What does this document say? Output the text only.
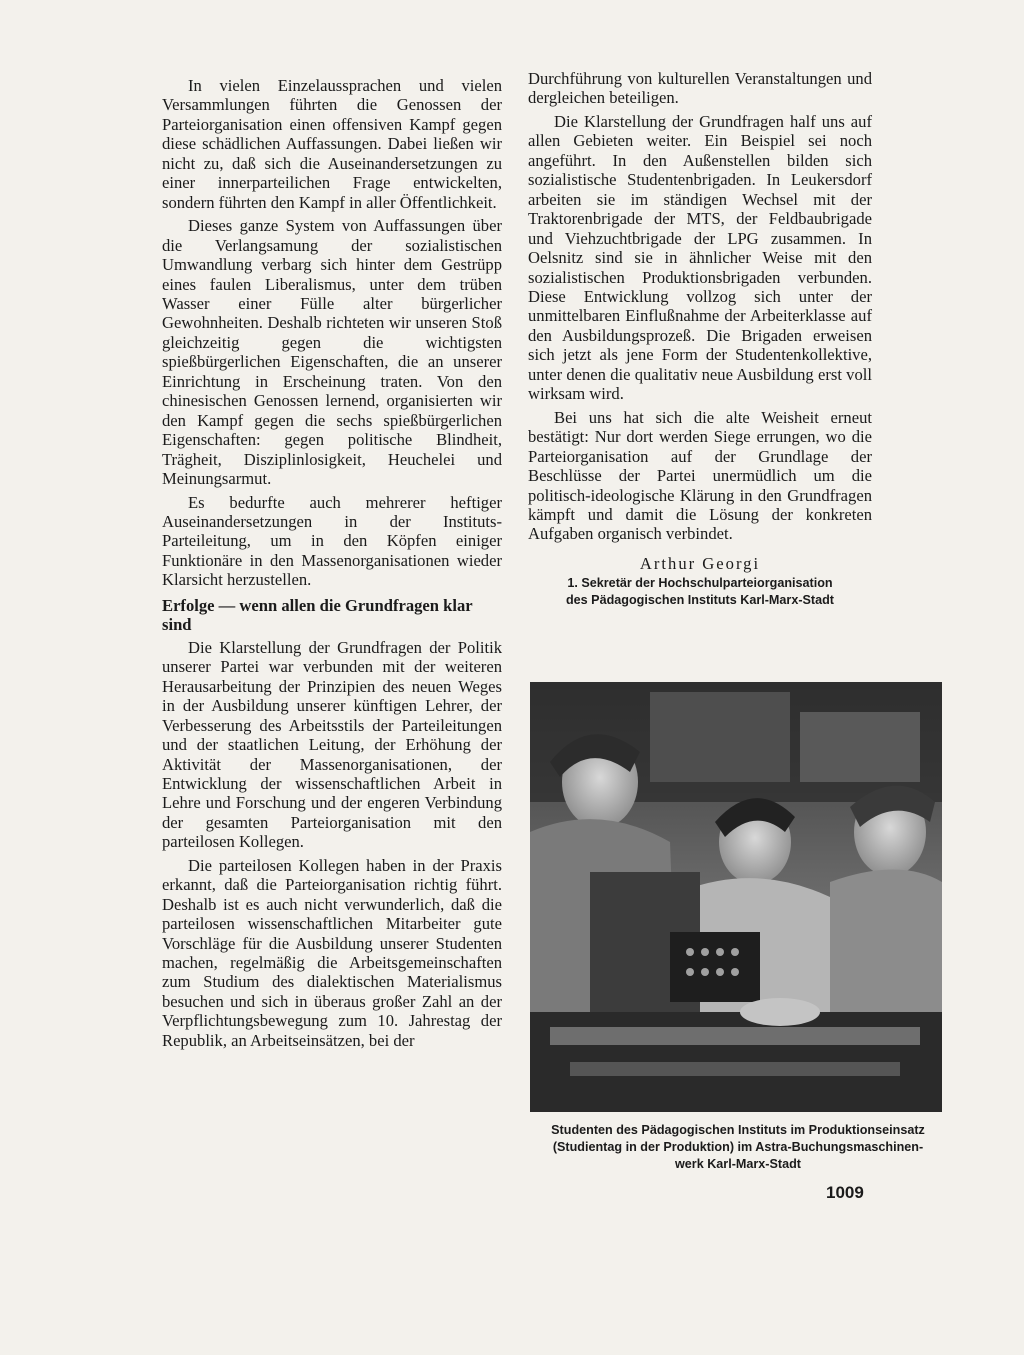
In vielen Einzelaussprachen und vielen Versammlungen führten die Genossen der Parteiorganisation einen offensiven Kampf gegen diese schädlichen Auffassungen. Dabei ließen wir nicht zu, daß sich die Auseinandersetzungen zu einer innerparteilichen Frage entwickelten, sondern führten den Kampf in aller Öffentlichkeit.

Dieses ganze System von Auffassungen über die Verlangsamung der sozialistischen Umwandlung verbarg sich hinter dem Gestrüpp eines faulen Liberalismus, unter dem trüben Wasser einer Fülle alter bürgerlicher Gewohnheiten. Deshalb richteten wir unseren Stoß gleichzeitig gegen die wichtigsten spießbürgerlichen Eigenschaften, die an unserer Einrichtung in Erscheinung traten. Von den chinesischen Genossen lernend, organisierten wir den Kampf gegen die sechs spießbürgerlichen Eigenschaften: gegen politische Blindheit, Trägheit, Disziplinlosigkeit, Heuchelei und Meinungsarmut.

Es bedurfte auch mehrerer heftiger Auseinandersetzungen in der Instituts-Parteileitung, um in den Köpfen einiger Funktionäre in den Massenorganisationen wieder Klarsicht herzustellen.

Erfolge — wenn allen die Grundfragen klar sind

Die Klarstellung der Grundfragen der Politik unserer Partei war verbunden mit der weiteren Herausarbeitung der Prinzipien des neuen Weges in der Ausbildung unserer künftigen Lehrer, der Verbesserung des Arbeitsstils der Parteileitungen und der staatlichen Leitung, der Erhöhung der Aktivität der Massenorganisationen, der Entwicklung der wissenschaftlichen Arbeit in Lehre und Forschung und der engeren Verbindung der gesamten Parteiorganisation mit den parteilosen Kollegen.

Die parteilosen Kollegen haben in der Praxis erkannt, daß die Parteiorganisation richtig führt. Deshalb ist es auch nicht verwunderlich, daß die parteilosen wissenschaftlichen Mitarbeiter gute Vorschläge für die Ausbildung unserer Studenten machen, regelmäßig die Arbeitsgemeinschaften zum Studium des dialektischen Materialismus besuchen und sich in überaus großer Zahl an der Verpflichtungsbewegung zum 10. Jahrestag der Republik, an Arbeitseinsätzen, bei der

Durchführung von kulturellen Veranstaltungen und dergleichen beteiligen.

Die Klarstellung der Grundfragen half uns auf allen Gebieten weiter. Ein Beispiel sei noch angeführt. In den Außenstellen bilden sich sozialistische Studentenbrigaden. In Leukersdorf arbeiten sie im ständigen Wechsel mit der Traktorenbrigade der MTS, der Feldbaubrigade und Viehzuchtbrigade der LPG zusammen. In Oelsnitz sind sie in ähnlicher Weise mit den sozialistischen Produktionsbrigaden verbunden. Diese Entwicklung vollzog sich unter der unmittelbaren Einflußnahme der Arbeiterklasse auf den Ausbildungsprozeß. Die Brigaden erweisen sich jetzt als jene Form der Studentenkollektive, unter denen die qualitativ neue Ausbildung erst voll wirksam wird.

Bei uns hat sich die alte Weisheit erneut bestätigt: Nur dort werden Siege errungen, wo die Parteiorganisation auf der Grundlage der Beschlüsse der Partei unermüdlich um die politisch-ideologische Klärung in den Grundfragen kämpft und damit die Lösung der konkreten Aufgaben organisch verbindet.

Arthur Georgi
1. Sekretär der Hochschulparteiorganisation
des Pädagogischen Instituts Karl-Marx-Stadt
Studenten des Pädagogischen Instituts im Produktionseinsatz
(Studientag in der Produktion) im Astra-Buchungsmaschinen-
werk Karl-Marx-Stadt
1009
